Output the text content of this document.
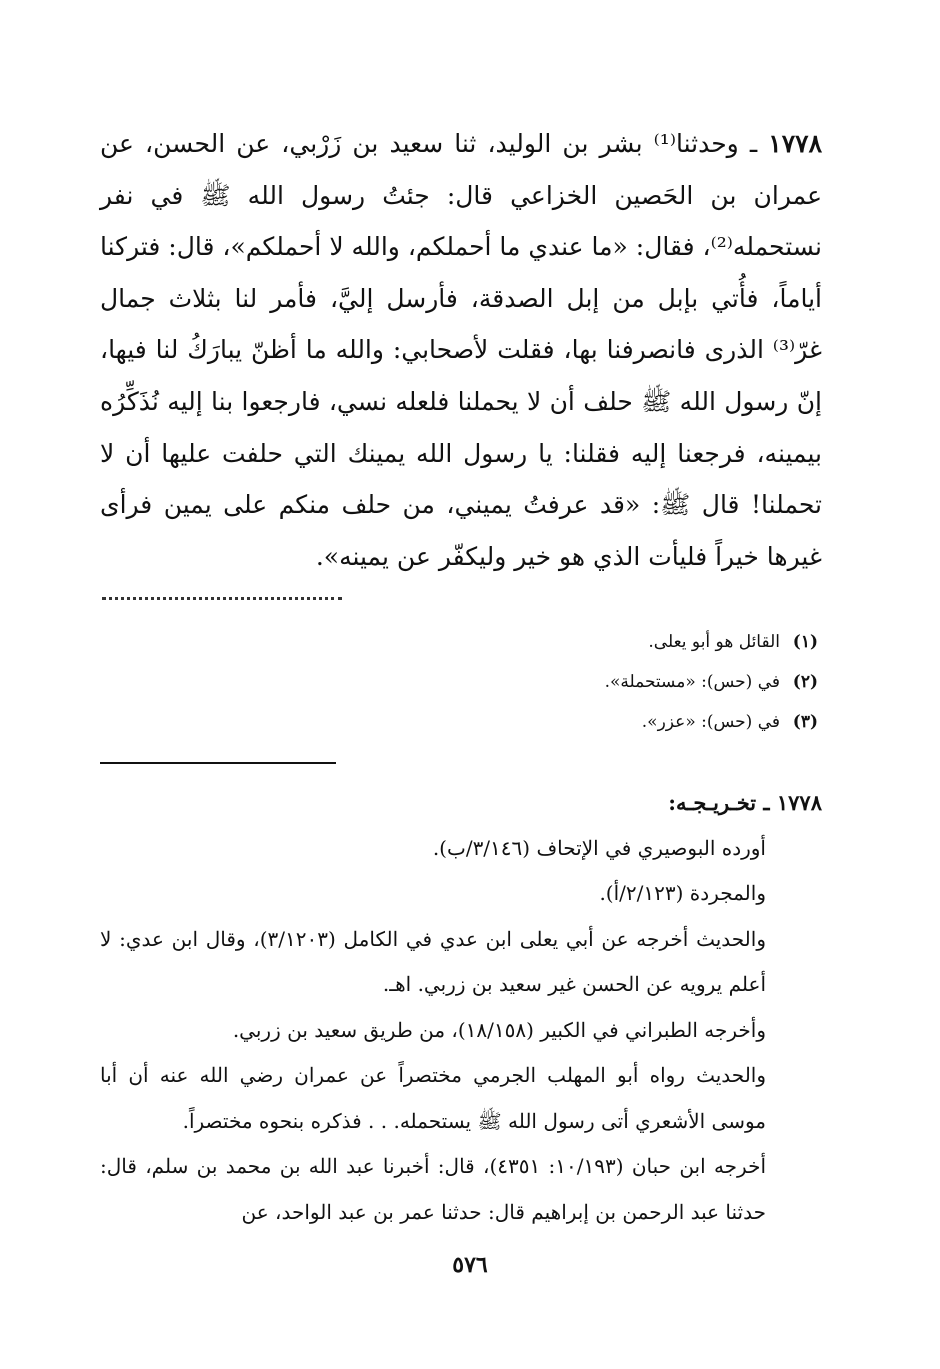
١٧٧٨ ـ وحدثنا⁽¹⁾ بشر بن الوليد، ثنا سعيد بن زَرْبي، عن الحسن، عن عمران بن الحَصين الخزاعي قال: جئتُ رسول الله ﷺ في نفر نستحمله⁽²⁾، فقال: «ما عندي ما أحملكم، والله لا أحملكم»، قال: فتركنا أياماً، فأُتي بإبل من إبل الصدقة، فأرسل إليَّ، فأمر لنا بثلاث جمال غرّ⁽³⁾ الذرى فانصرفنا بها، فقلت لأصحابي: والله ما أظنّ يبارَكُ لنا فيها، إنّ رسول الله ﷺ حلف أن لا يحملنا فلعله نسي، فارجعوا بنا إليه نُذَكِّرُه بيمينه، فرجعنا إليه فقلنا: يا رسول الله يمينك التي حلفت عليها أن لا تحملنا! قال ﷺ: «قد عرفتُ يميني، من حلف منكم على يمين فرأى غيرها خيراً فليأت الذي هو خير وليكفّر عن يمينه».

(١)القائل هو أبو يعلى.
(٢)في (حس): «مستحملة».
(٣)في (حس): «عزر».
١٧٧٨ ـ تخـريـجـه:

أورده البوصيري في الإتحاف (٣/١٤٦/ب).

والمجردة (٢/١٢٣/أ).

والحديث أخرجه عن أبي يعلى ابن عدي في الكامل (٣/١٢٠٣)، وقال ابن عدي: لا أعلم يرويه عن الحسن غير سعيد بن زربي. اهـ.

وأخرجه الطبراني في الكبير (١٨/١٥٨)، من طريق سعيد بن زربي.

والحديث رواه أبو المهلب الجرمي مختصراً عن عمران رضي الله عنه أن أبا موسى الأشعري أتى رسول الله ﷺ يستحمله. . . فذكره بنحوه مختصراً.

أخرجه ابن حبان (١٠/١٩٣: ٤٣٥١)، قال: أخبرنا عبد الله بن محمد بن سلم، قال: حدثنا عبد الرحمن بن إبراهيم قال: حدثنا عمر بن عبد الواحد، عن

٥٧٦
